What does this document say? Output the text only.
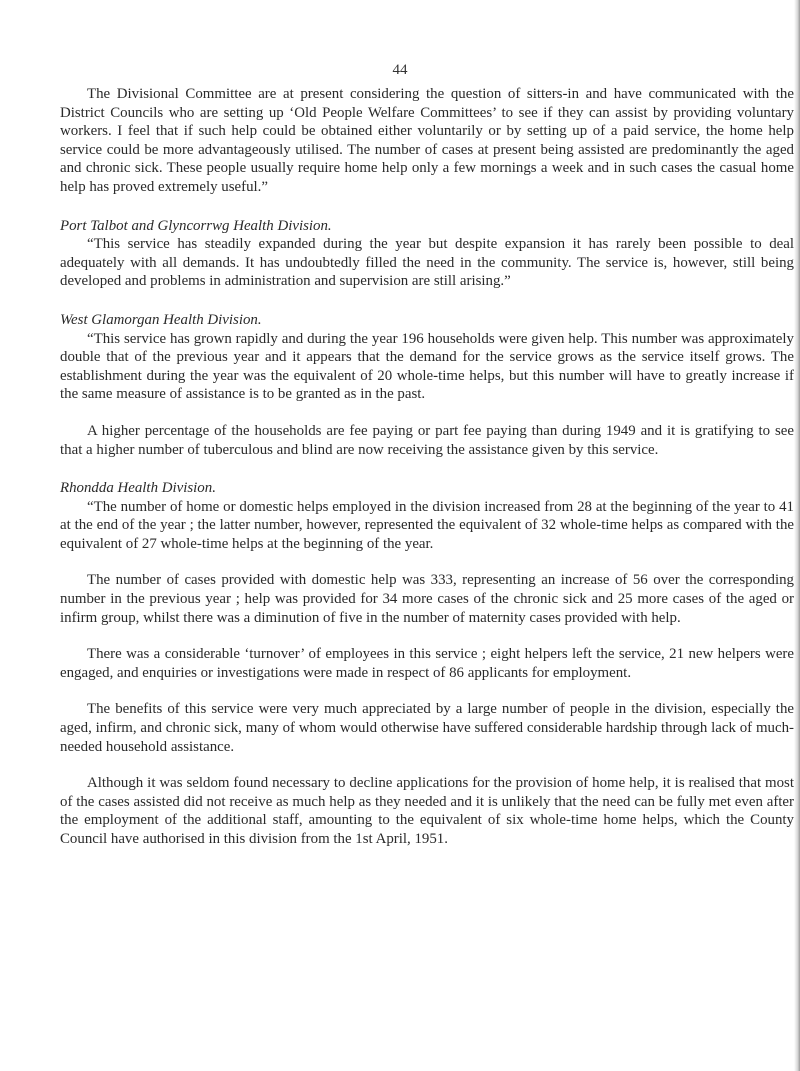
44

The Divisional Committee are at present considering the question of sitters-in and have communicated with the District Councils who are setting up ‘Old People Welfare Committees’ to see if they can assist by providing voluntary workers. I feel that if such help could be obtained either voluntarily or by setting up of a paid service, the home help service could be more advantageously utilised. The number of cases at present being assisted are predominantly the aged and chronic sick. These people usually require home help only a few mornings a week and in such cases the casual home help has proved extremely useful.”

Port Talbot and Glyncorrwg Health Division.

“This service has steadily expanded during the year but despite expansion it has rarely been possible to deal adequately with all demands. It has undoubtedly filled the need in the community. The service is, however, still being developed and problems in administration and supervision are still arising.”

West Glamorgan Health Division.

“This service has grown rapidly and during the year 196 households were given help. This number was approximately double that of the previous year and it appears that the demand for the service grows as the service itself grows. The establishment during the year was the equivalent of 20 whole-time helps, but this number will have to greatly increase if the same measure of assistance is to be granted as in the past.

A higher percentage of the households are fee paying or part fee paying than during 1949 and it is gratifying to see that a higher number of tuberculous and blind are now receiving the assistance given by this service.

Rhondda Health Division.

“The number of home or domestic helps employed in the division increased from 28 at the beginning of the year to 41 at the end of the year ; the latter number, however, represented the equivalent of 32 whole-time helps as compared with the equivalent of 27 whole-time helps at the beginning of the year.

The number of cases provided with domestic help was 333, representing an increase of 56 over the corresponding number in the previous year ; help was provided for 34 more cases of the chronic sick and 25 more cases of the aged or infirm group, whilst there was a diminution of five in the number of maternity cases provided with help.

There was a considerable ‘turnover’ of employees in this service ; eight helpers left the service, 21 new helpers were engaged, and enquiries or investigations were made in respect of 86 applicants for employment.

The benefits of this service were very much appreciated by a large number of people in the division, especially the aged, infirm, and chronic sick, many of whom would otherwise have suffered considerable hardship through lack of much-needed household assistance.

Although it was seldom found necessary to decline applications for the provision of home help, it is realised that most of the cases assisted did not receive as much help as they needed and it is unlikely that the need can be fully met even after the employment of the additional staff, amounting to the equivalent of six whole-time home helps, which the County Council have authorised in this division from the 1st April, 1951.
